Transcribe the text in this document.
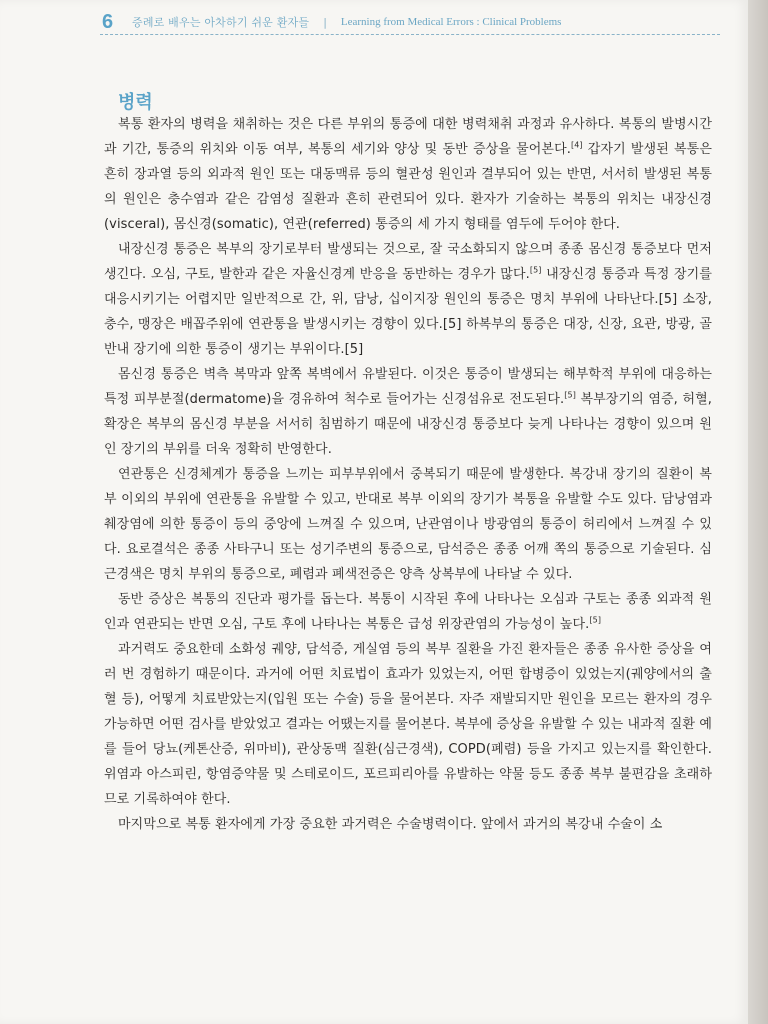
6	증례로 배우는 아차하기 쉬운 환자들 | Learning from Medical Errors : Clinical Problems
병력

복통 환자의 병력을 채취하는 것은 다른 부위의 통증에 대한 병력채취 과정과 유사하다. 복통의 발병시간과 기간, 통증의 위치와 이동 여부, 복통의 세기와 양상 및 동반 증상을 물어본다.[4] 갑자기 발생된 복통은 흔히 장과열 등의 외과적 원인 또는 대동맥류 등의 혈관성 원인과 결부되어 있는 반면, 서서히 발생된 복통의 원인은 충수염과 같은 감염성 질환과 흔히 관련되어 있다. 환자가 기술하는 복통의 위치는 내장신경(visceral), 몸신경(somatic), 연관(referred) 통증의 세 가지 형태를 염두에 두어야 한다.

내장신경 통증은 복부의 장기로부터 발생되는 것으로, 잘 국소화되지 않으며 종종 몸신경 통증보다 먼저 생긴다. 오심, 구토, 발한과 같은 자율신경계 반응을 동반하는 경우가 많다.[5] 내장신경 통증과 특정 장기를 대응시키기는 어렵지만 일반적으로 간, 위, 담낭, 십이지장 원인의 통증은 명치 부위에 나타난다.[5] 소장, 충수, 맹장은 배꼽주위에 연관통을 발생시키는 경향이 있다.[5] 하복부의 통증은 대장, 신장, 요관, 방광, 골반내 장기에 의한 통증이 생기는 부위이다.[5]

몸신경 통증은 벽측 복막과 앞쪽 복벽에서 유발된다. 이것은 통증이 발생되는 해부학적 부위에 대응하는 특정 피부분절(dermatome)을 경유하여 척수로 들어가는 신경섬유로 전도된다.[5] 복부장기의 염증, 허혈, 확장은 복부의 몸신경 부분을 서서히 침범하기 때문에 내장신경 통증보다 늦게 나타나는 경향이 있으며 원인 장기의 부위를 더욱 정확히 반영한다.

연관통은 신경체계가 통증을 느끼는 피부부위에서 중복되기 때문에 발생한다. 복강내 장기의 질환이 복부 이외의 부위에 연관통을 유발할 수 있고, 반대로 복부 이외의 장기가 복통을 유발할 수도 있다. 담낭염과 췌장염에 의한 통증이 등의 중앙에 느껴질 수 있으며, 난관염이나 방광염의 통증이 허리에서 느껴질 수 있다. 요로결석은 종종 사타구니 또는 성기주변의 통증으로, 담석증은 종종 어깨 쪽의 통증으로 기술된다. 심근경색은 명치 부위의 통증으로, 폐렴과 폐색전증은 양측 상복부에 나타날 수 있다.

동반 증상은 복통의 진단과 평가를 돕는다. 복통이 시작된 후에 나타나는 오심과 구토는 종종 외과적 원인과 연관되는 반면 오심, 구토 후에 나타나는 복통은 급성 위장관염의 가능성이 높다.[5]

과거력도 중요한데 소화성 궤양, 담석증, 게실염 등의 복부 질환을 가진 환자들은 종종 유사한 증상을 여러 번 경험하기 때문이다. 과거에 어떤 치료법이 효과가 있었는지, 어떤 합병증이 있었는지(궤양에서의 출혈 등), 어떻게 치료받았는지(입원 또는 수술) 등을 물어본다. 자주 재발되지만 원인을 모르는 환자의 경우 가능하면 어떤 검사를 받았었고 결과는 어땠는지를 물어본다. 복부에 증상을 유발할 수 있는 내과적 질환 예를 들어 당뇨(케톤산증, 위마비), 관상동맥 질환(심근경색), COPD(폐렴) 등을 가지고 있는지를 확인한다. 위염과 아스피린, 항염증약물 및 스테로이드, 포르피리아를 유발하는 약물 등도 종종 복부 불편감을 초래하므로 기록하여야 한다.

마지막으로 복통 환자에게 가장 중요한 과거력은 수술병력이다. 앞에서 과거의 복강내 수술이 소
